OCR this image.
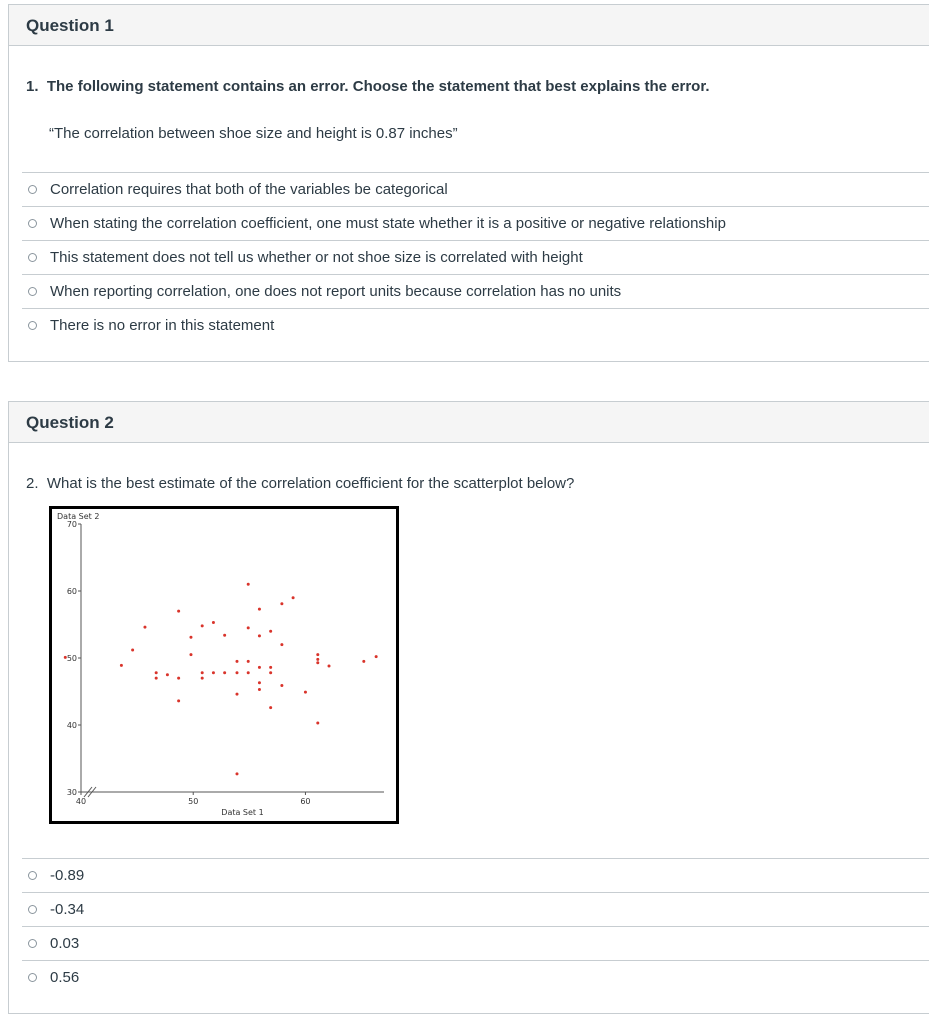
Question 1
1. The following statement contains an error. Choose the statement that best explains the error.
“The correlation between shoe size and height is 0.87 inches”
Correlation requires that both of the variables be categorical
When stating the correlation coefficient, one must state whether it is a positive or negative relationship
This statement does not tell us whether or not shoe size is correlated with height
When reporting correlation, one does not report units because correlation has no units
There is no error in this statement
Question 2
2. What is the best estimate of the correlation coefficient for the scatterplot below?
Data Set 2
30
40
50
60
70
40	50	60
Data Set 1
-0.89
-0.34
0.03
0.56
